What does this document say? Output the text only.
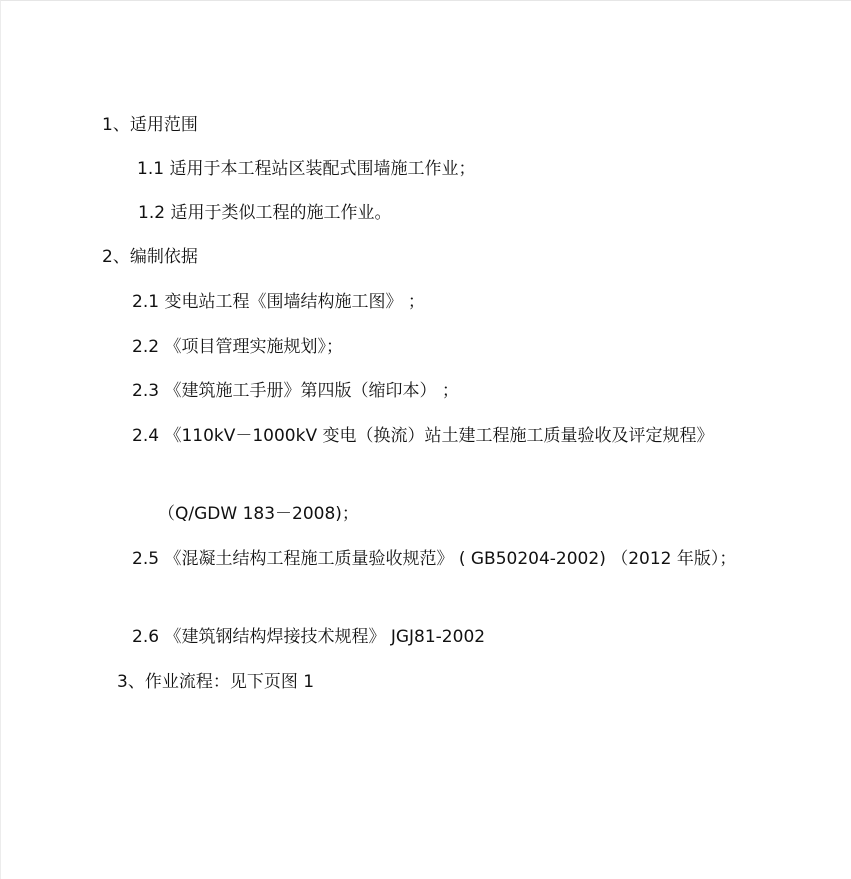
1、适用范围
1.1 适用于本工程站区装配式围墙施工作业；
1.2 适用于类似工程的施工作业。
2、编制依据
2.1 变电站工程《围墙结构施工图》 ；
2.2 《项目管理实施规划》；
2.3 《建筑施工手册》第四版（缩印本） ；
2.4 《110kV－1000kV 变电（换流）站土建工程施工质量验收及评定规程》
（Q/GDW 183－2008)；
2.5 《混凝土结构工程施工质量验收规范》 ( GB50204-2002) （2012 年版）；
2.6 《建筑钢结构焊接技术规程》 JGJ81-2002
3、作业流程：见下页图 1
